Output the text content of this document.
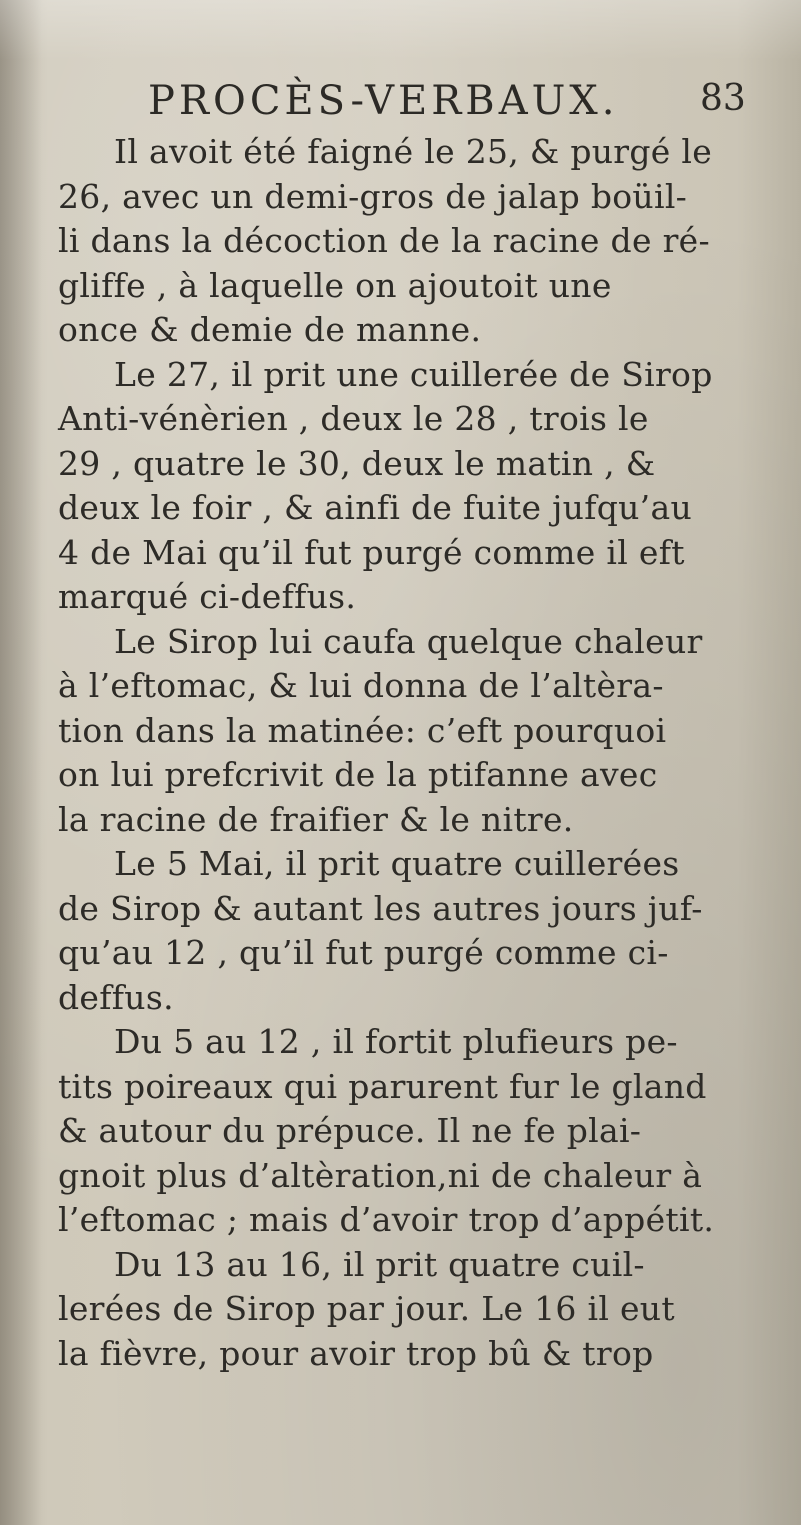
PROCÈS-VERBAUX. 83
Il avoit été faigné le 25, & purgé le
26, avec un demi-gros de jalap boüil-
li dans la décoction de la racine de ré-
gliffe , à laquelle on ajoutoit une
once & demie de manne.
Le 27, il prit une cuillerée de Sirop
Anti-vénèrien , deux le 28 , trois le
29 , quatre le 30, deux le matin , &
deux le foir , & ainfi de fuite jufqu’au
4 de Mai qu’il fut purgé comme il eft
marqué ci-deffus.
Le Sirop lui caufa quelque chaleur
à l’eftomac, & lui donna de l’altèra-
tion dans la matinée: c’eft pourquoi
on lui prefcrivit de la ptifanne avec
la racine de fraifier & le nitre.
Le 5 Mai, il prit quatre cuillerées
de Sirop & autant les autres jours juf-
qu’au 12 , qu’il fut purgé comme ci-
deffus.
Du 5 au 12 , il fortit plufieurs pe-
tits poireaux qui parurent fur le gland
& autour du prépuce. Il ne fe plai-
gnoit plus d’altèration,ni de chaleur à
l’eftomac ; mais d’avoir trop d’appétit.
Du 13 au 16, il prit quatre cuil-
lerées de Sirop par jour. Le 16 il eut
la fièvre, pour avoir trop bû & trop
